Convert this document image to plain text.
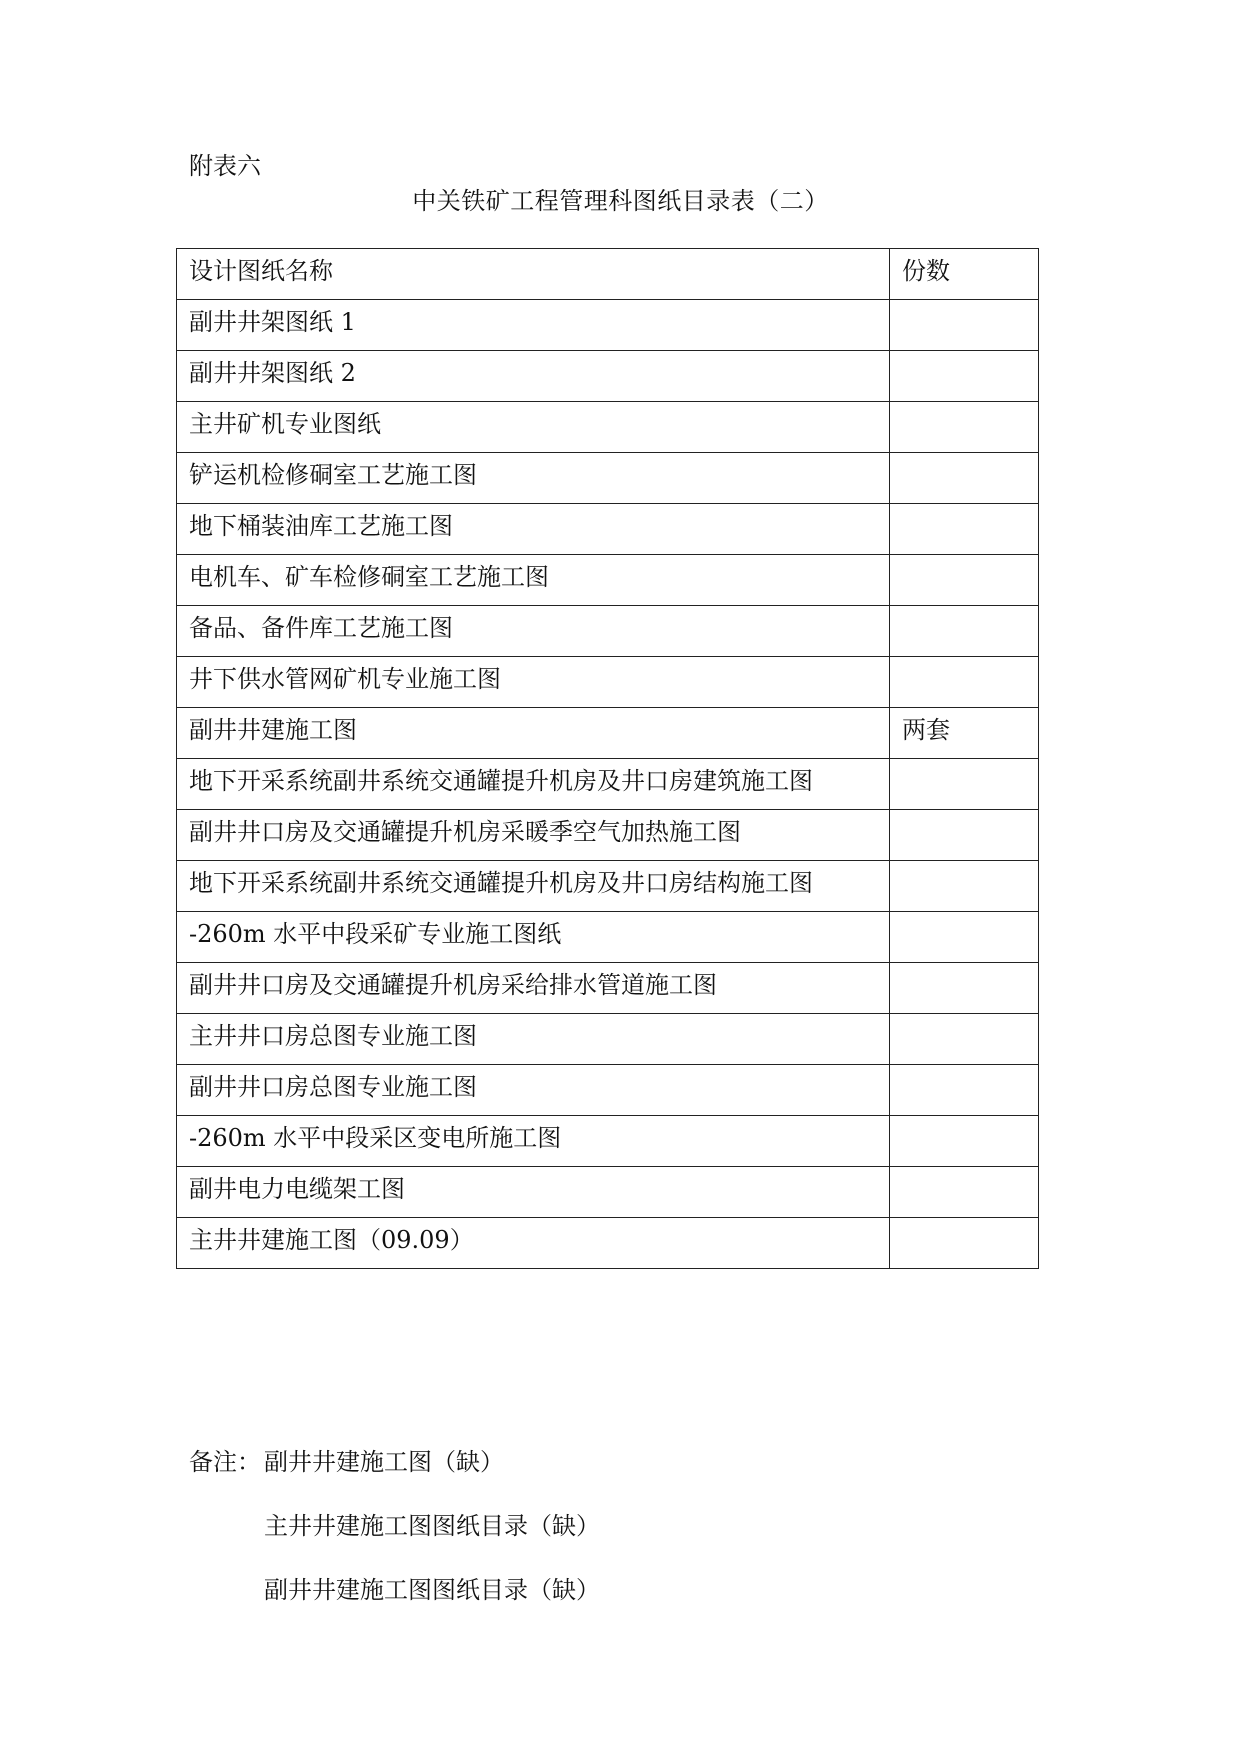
附表六
中关铁矿工程管理科图纸目录表（二）
设计图纸名称	份数
副井井架图纸 1	
副井井架图纸 2	
主井矿机专业图纸	
铲运机检修硐室工艺施工图	
地下桶装油库工艺施工图	
电机车、矿车检修硐室工艺施工图	
备品、备件库工艺施工图	
井下供水管网矿机专业施工图	
副井井建施工图	两套
地下开采系统副井系统交通罐提升机房及井口房建筑施工图	
副井井口房及交通罐提升机房采暖季空气加热施工图	
地下开采系统副井系统交通罐提升机房及井口房结构施工图	
-260m 水平中段采矿专业施工图纸	
副井井口房及交通罐提升机房采给排水管道施工图	
主井井口房总图专业施工图	
副井井口房总图专业施工图	
-260m 水平中段采区变电所施工图	
副井电力电缆架工图	
主井井建施工图（09.09）	
备注： 副井井建施工图（缺）
主井井建施工图图纸目录（缺）
副井井建施工图图纸目录（缺）
